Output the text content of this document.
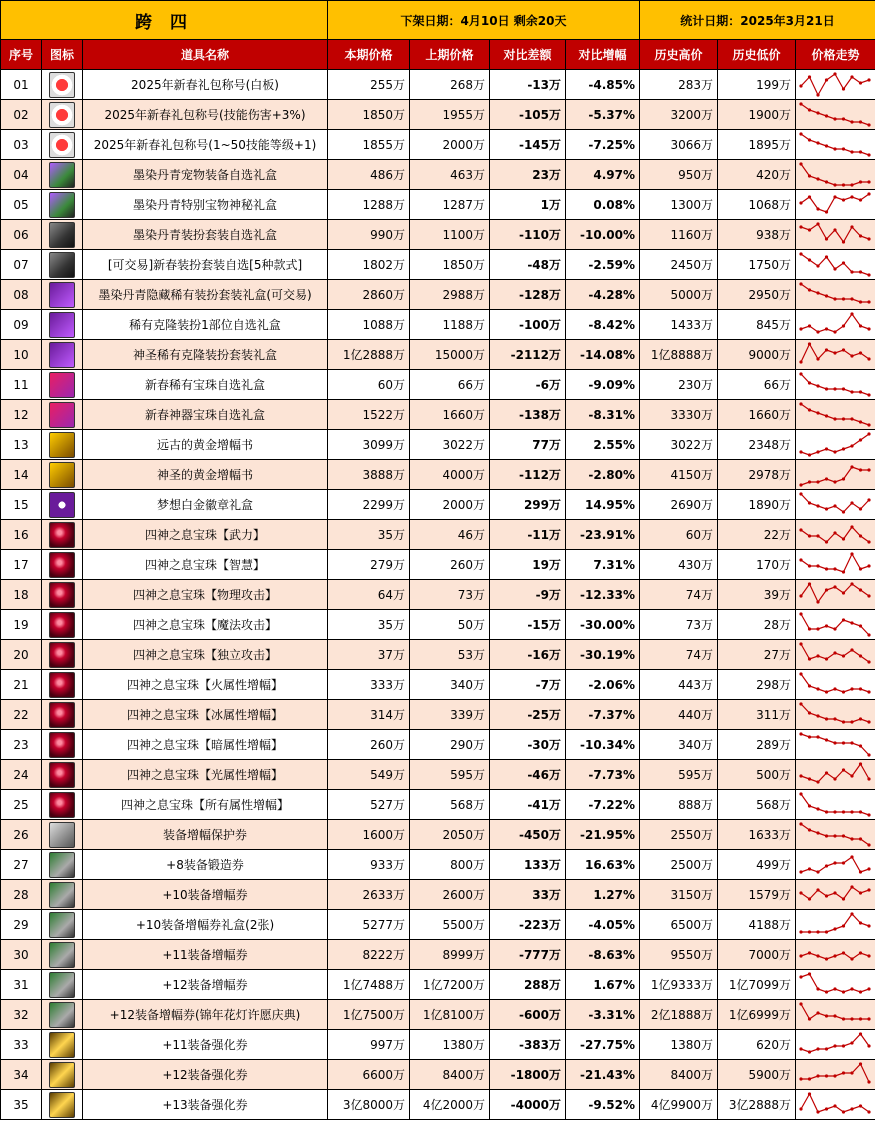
跨 四			下架日期：4月10日 剩余20天				统计日期：2025年3月21日		
序号	图标	道具名称	本期价格	上期价格	对比差额	对比增幅	历史高价	历史低价	价格走势
01		2025年新春礼包称号(白板)	255万	268万	-13万	-4.85%	283万	199万	

02		2025年新春礼包称号(技能伤害+3%)	1850万	1955万	-105万	-5.37%	3200万	1900万	

03		2025年新春礼包称号(1~50技能等级+1)	1855万	2000万	-145万	-7.25%	3066万	1895万	

04		墨染丹青宠物装备自选礼盒	486万	463万	23万	4.97%	950万	420万	

05		墨染丹青特别宝物神秘礼盒	1288万	1287万	1万	0.08%	1300万	1068万	

06		墨染丹青装扮套装自选礼盒	990万	1100万	-110万	-10.00%	1160万	938万	

07		[可交易]新春装扮套装自选[5种款式]	1802万	1850万	-48万	-2.59%	2450万	1750万	

08		墨染丹青隐藏稀有装扮套装礼盒(可交易)	2860万	2988万	-128万	-4.28%	5000万	2950万	

09		稀有克隆装扮1部位自选礼盒	1088万	1188万	-100万	-8.42%	1433万	845万	

10		神圣稀有克隆装扮套装礼盒	1亿2888万	15000万	-2112万	-14.08%	1亿8888万	9000万	

11		新春稀有宝珠自选礼盒	60万	66万	-6万	-9.09%	230万	66万	

12		新春神器宝珠自选礼盒	1522万	1660万	-138万	-8.31%	3330万	1660万	

13		远古的黄金增幅书	3099万	3022万	77万	2.55%	3022万	2348万	

14		神圣的黄金增幅书	3888万	4000万	-112万	-2.80%	4150万	2978万	

15		梦想白金徽章礼盒	2299万	2000万	299万	14.95%	2690万	1890万	

16		四神之息宝珠【武力】	35万	46万	-11万	-23.91%	60万	22万	

17		四神之息宝珠【智慧】	279万	260万	19万	7.31%	430万	170万	

18		四神之息宝珠【物理攻击】	64万	73万	-9万	-12.33%	74万	39万	

19		四神之息宝珠【魔法攻击】	35万	50万	-15万	-30.00%	73万	28万	

20		四神之息宝珠【独立攻击】	37万	53万	-16万	-30.19%	74万	27万	

21		四神之息宝珠【火属性增幅】	333万	340万	-7万	-2.06%	443万	298万	

22		四神之息宝珠【冰属性增幅】	314万	339万	-25万	-7.37%	440万	311万	

23		四神之息宝珠【暗属性增幅】	260万	290万	-30万	-10.34%	340万	289万	

24		四神之息宝珠【光属性增幅】	549万	595万	-46万	-7.73%	595万	500万	

25		四神之息宝珠【所有属性增幅】	527万	568万	-41万	-7.22%	888万	568万	

26		装备增幅保护券	1600万	2050万	-450万	-21.95%	2550万	1633万	

27		+8装备锻造券	933万	800万	133万	16.63%	2500万	499万	

28		+10装备增幅券	2633万	2600万	33万	1.27%	3150万	1579万	

29		+10装备增幅券礼盒(2张)	5277万	5500万	-223万	-4.05%	6500万	4188万	

30		+11装备增幅券	8222万	8999万	-777万	-8.63%	9550万	7000万	

31		+12装备增幅券	1亿7488万	1亿7200万	288万	1.67%	1亿9333万	1亿7099万	

32		+12装备增幅券(锦年花灯许愿庆典)	1亿7500万	1亿8100万	-600万	-3.31%	2亿1888万	1亿6999万	

33		+11装备强化券	997万	1380万	-383万	-27.75%	1380万	620万	

34		+12装备强化券	6600万	8400万	-1800万	-21.43%	8400万	5900万	

35		+13装备强化券	3亿8000万	4亿2000万	-4000万	-9.52%	4亿9900万	3亿2888万	
